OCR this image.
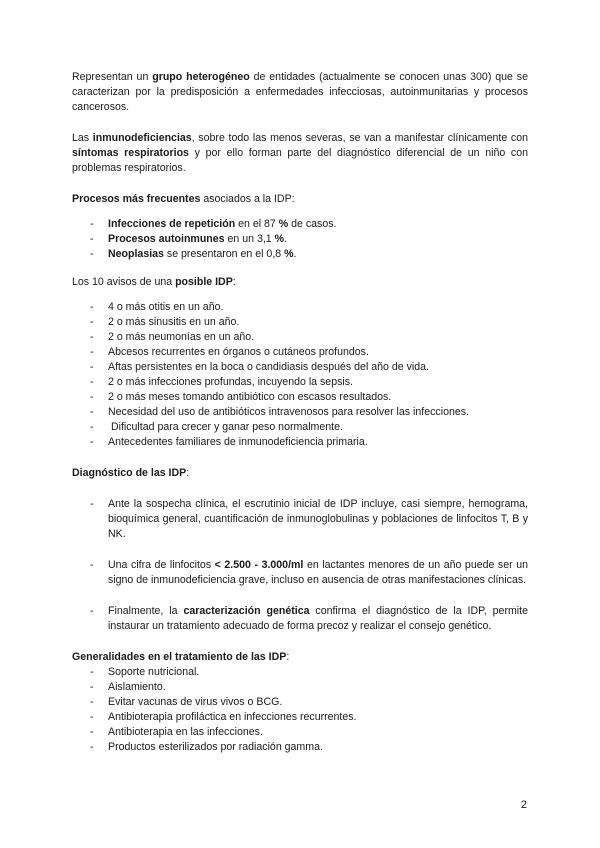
Representan un grupo heterogéneo de entidades (actualmente se conocen unas 300) que se caracterizan por la predisposición a enfermedades infecciosas, autoinmunitarias y procesos cancerosos.

Las inmunodeficiencias, sobre todo las menos severas, se van a manifestar clínicamente con síntomas respiratorios y por ello forman parte del diagnóstico diferencial de un niño con problemas respiratorios.

Procesos más frecuentes asociados a la IDP:

- Infecciones de repetición en el 87 % de casos.
- Procesos autoinmunes en un 3,1 %.
- Neoplasias se presentaron en el 0,8 %.

Los 10 avisos de una posible IDP:

- 4 o más otitis en un año.
- 2 o más sinusitis en un año.
- 2 o más neumonías en un año.
- Abcesos recurrentes en órganos o cutáneos profundos.
- Aftas persistentes en la boca o candidiasis después del año de vida.
- 2 o más infecciones profundas, incuyendo la sepsis.
- 2 o más meses tomando antibiótico con escasos resultados.
- Necesidad del uso de antibióticos intravenosos para resolver las infecciones.
-  Dificultad para crecer y ganar peso normalmente.
- Antecedentes familiares de inmunodeficiencia primaria.

Diagnóstico de las IDP:

- Ante la sospecha clínica, el escrutinio inicial de IDP incluye, casi siempre, hemograma, bioquímica general, cuantificación de inmunoglobulinas y poblaciones de linfocitos T, B y NK.
- Una cifra de linfocitos < 2.500 - 3.000/ml en lactantes menores de un año puede ser un signo de inmunodeficiencia grave, incluso en ausencia de otras manifestaciones clínicas.
- Finalmente, la caracterización genética confirma el diagnóstico de la IDP, permite instaurar un tratamiento adecuado de forma precoz y realizar el consejo genético.

Generalidades en el tratamiento de las IDP:

- Soporte nutricional.
- Aislamiento.
- Evitar vacunas de virus vivos o BCG.
- Antibioterapia profiláctica en infecciones recurrentes.
- Antibioterapia en las infecciones.
- Productos esterilizados por radiación gamma.
2
